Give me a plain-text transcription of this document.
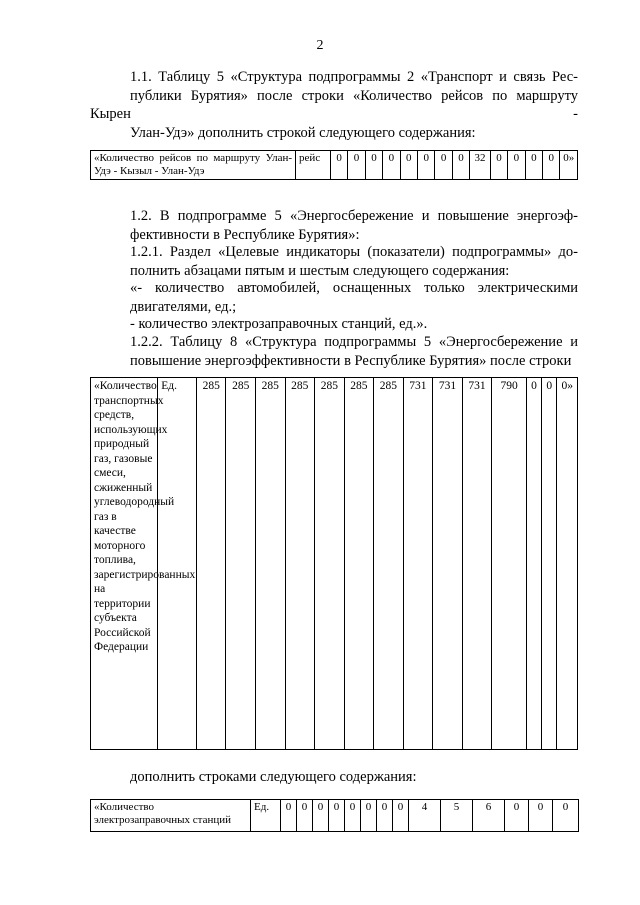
2

1.1. Таблицу 5 «Структура подпрограммы 2 «Транспорт и связь Рес-
публики Бурятия» после строки «Количество рейсов по маршруту Кырен -
Улан-Удэ» дополнить строкой следующего содержания:

«Количество рейсов по маршруту Улан-Удэ - Кызыл - Улан-Удэ	рейс	0	0	0	0	0	0	0	0	32	0	0	0	0	0»

1.2. В подпрограмме 5 «Энергосбережение и повышение энергоэф-
фективности в Республике Бурятия»:

1.2.1. Раздел «Целевые индикаторы (показатели) подпрограммы» до-
полнить абзацами пятым и шестым следующего содержания:

«- количество автомобилей, оснащенных только электрическими
двигателями, ед.;

- количество электрозаправочных станций, ед.».

1.2.2. Таблицу 8 «Структура подпрограммы 5 «Энергосбережение и
повышение энергоэффективности в Республике Бурятия» после строки

«Количество транспортных средств, использующих природный газ, газовые смеси, сжиженный углеводородный газ в качестве моторного топлива, зарегистрированных на территории субъекта Российской Федерации	Ед.	285	285	285	285	285	285	285	731	731	731	790	0	0	0»

дополнить строками следующего содержания:

«Количество электрозаправочных станций	Ед.	0	0	0	0	0	0	0	0	4	5	6	0	0	0
